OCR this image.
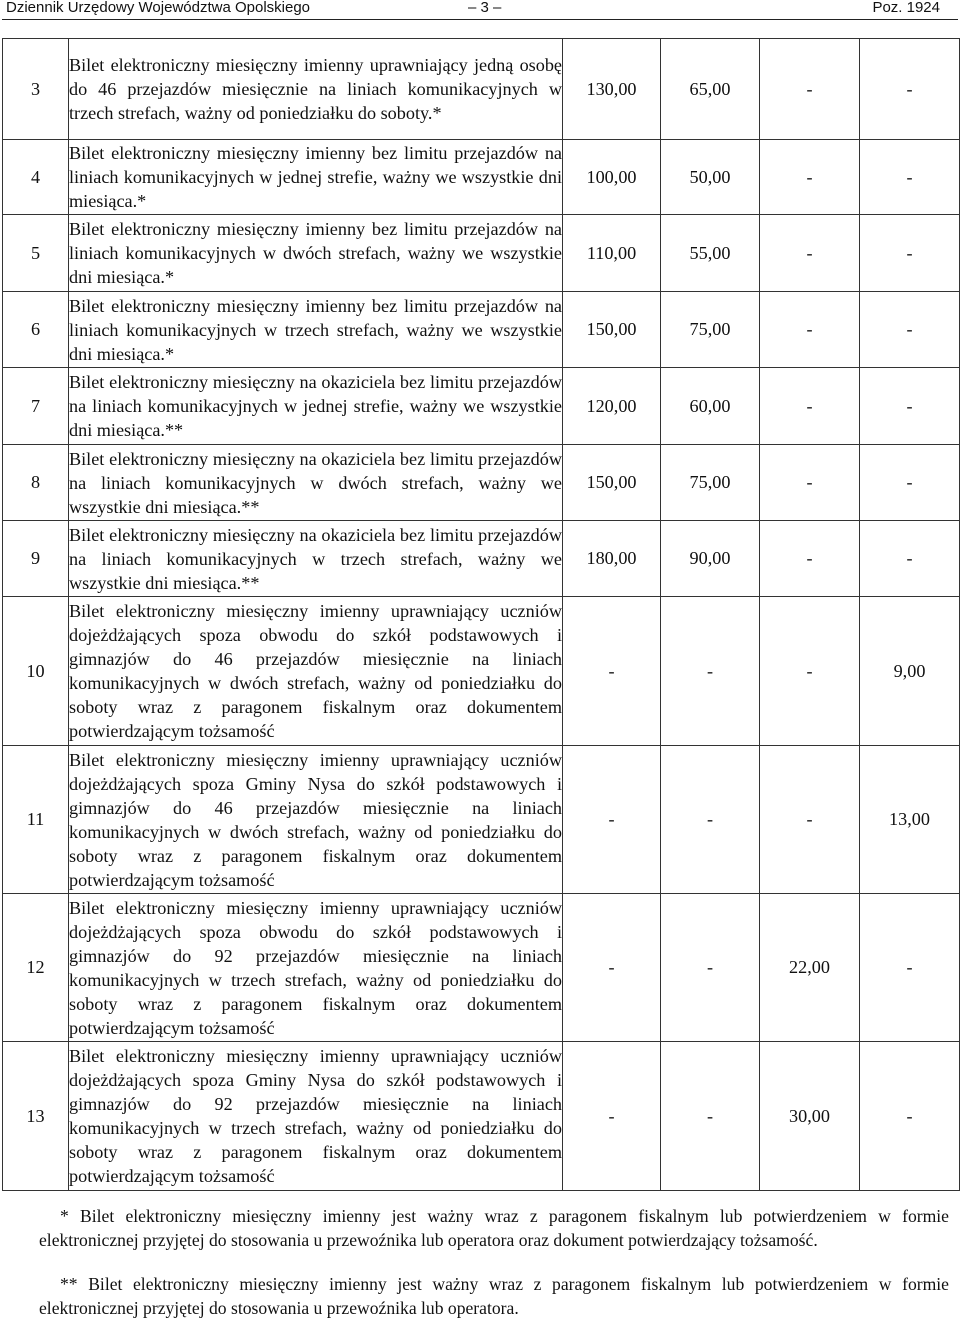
Dziennik Urzędowy Województwa Opolskiego	– 3 –	Poz. 1924
3	Bilet elektroniczny miesięczny imienny uprawniający jedną osobę do 46 przejazdów miesięcznie na liniach komunikacyjnych w trzech strefach, ważny od poniedziałku do soboty.*	130,00	65,00	-	-
4	Bilet elektroniczny miesięczny imienny bez limitu przejazdów na liniach komunikacyjnych w jednej strefie, ważny we wszystkie dni miesiąca.*	100,00	50,00	-	-
5	Bilet elektroniczny miesięczny imienny bez limitu przejazdów na liniach komunikacyjnych w dwóch strefach, ważny we wszystkie dni miesiąca.*	110,00	55,00	-	-
6	Bilet elektroniczny miesięczny imienny bez limitu przejazdów na liniach komunikacyjnych w trzech strefach, ważny we wszystkie dni miesiąca.*	150,00	75,00	-	-
7	Bilet elektroniczny miesięczny na okaziciela bez limitu przejazdów na liniach komunikacyjnych w jednej strefie, ważny we wszystkie dni miesiąca.**	120,00	60,00	-	-
8	Bilet elektroniczny miesięczny na okaziciela bez limitu przejazdów na liniach komunikacyjnych w dwóch strefach, ważny we wszystkie dni miesiąca.**	150,00	75,00	-	-
9	Bilet elektroniczny miesięczny na okaziciela bez limitu przejazdów na liniach komunikacyjnych w trzech strefach, ważny we wszystkie dni miesiąca.**	180,00	90,00	-	-
10	Bilet elektroniczny miesięczny imienny uprawniający uczniów dojeżdżających spoza obwodu do szkół podstawowych i gimnazjów do 46 przejazdów miesięcznie na liniach komunikacyjnych w dwóch strefach, ważny od poniedziałku do soboty wraz z paragonem fiskalnym oraz dokumentem potwierdzającym tożsamość	-	-	-	9,00
11	Bilet elektroniczny miesięczny imienny uprawniający uczniów dojeżdżających spoza Gminy Nysa do szkół podstawowych i gimnazjów do 46 przejazdów miesięcznie na liniach komunikacyjnych w dwóch strefach, ważny od poniedziałku do soboty wraz z paragonem fiskalnym oraz dokumentem potwierdzającym tożsamość	-	-	-	13,00
12	Bilet elektroniczny miesięczny imienny uprawniający uczniów dojeżdżających spoza obwodu do szkół podstawowych i gimnazjów do 92 przejazdów miesięcznie na liniach komunikacyjnych w trzech strefach, ważny od poniedziałku do soboty wraz z paragonem fiskalnym oraz dokumentem potwierdzającym tożsamość	-	-	22,00	-
13	Bilet elektroniczny miesięczny imienny uprawniający uczniów dojeżdżających spoza Gminy Nysa do szkół podstawowych i gimnazjów do 92 przejazdów miesięcznie na liniach komunikacyjnych w trzech strefach, ważny od poniedziałku do soboty wraz z paragonem fiskalnym oraz dokumentem potwierdzającym tożsamość	-	-	30,00	-

* Bilet elektroniczny miesięczny imienny jest ważny wraz z paragonem fiskalnym lub potwierdzeniem w formie elektronicznej przyjętej do stosowania u przewoźnika lub operatora oraz dokument potwierdzający tożsamość.

** Bilet elektroniczny miesięczny imienny jest ważny wraz z paragonem fiskalnym lub potwierdzeniem w formie elektronicznej przyjętej do stosowania u przewoźnika lub operatora.
